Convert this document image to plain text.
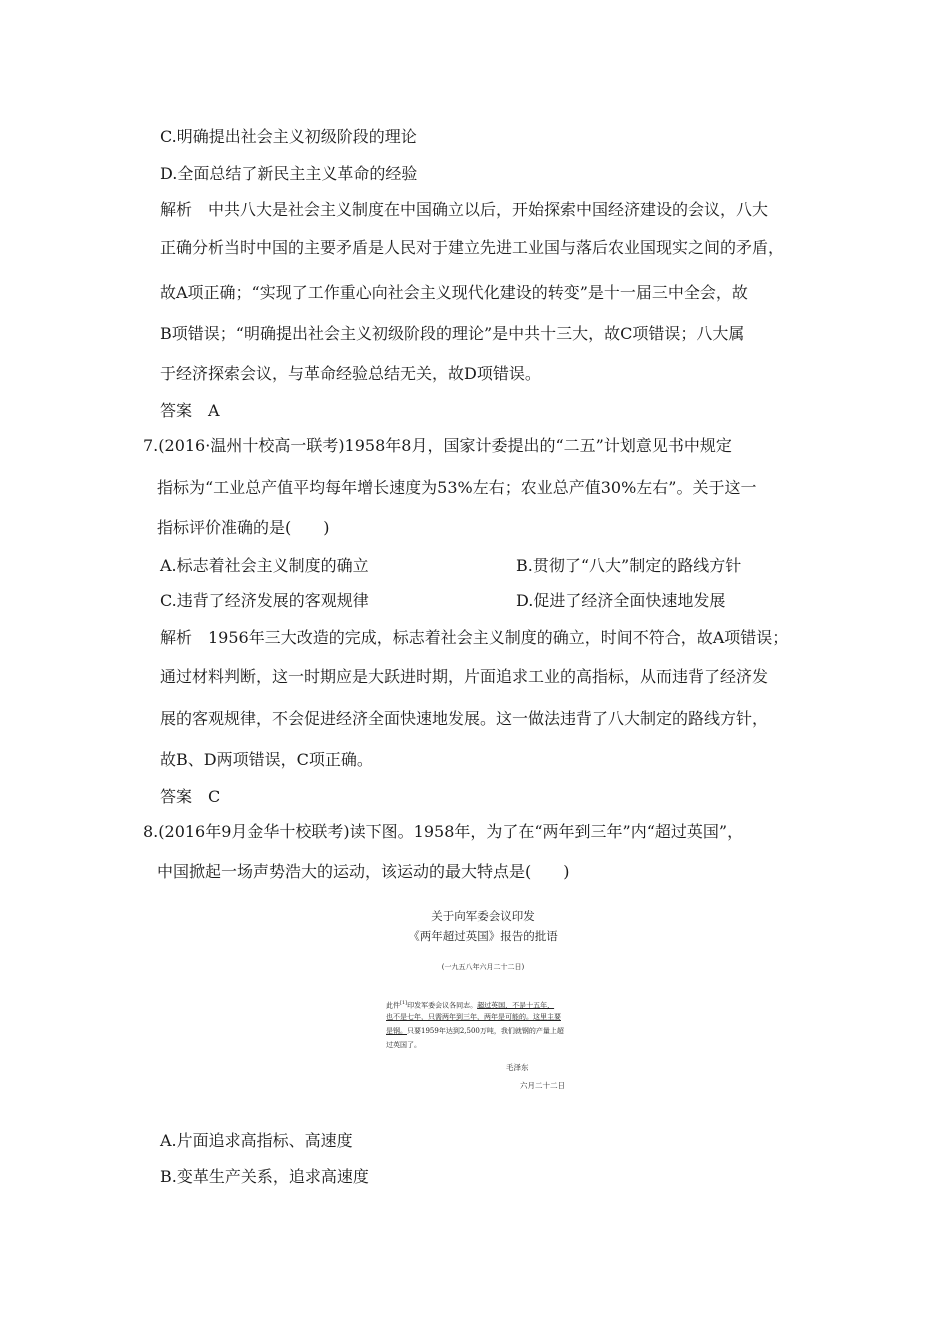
C.明确提出社会主义初级阶段的理论
D.全面总结了新民主主义革命的经验
解析　中共八大是社会主义制度在中国确立以后，开始探索中国经济建设的会议，八大
正确分析当时中国的主要矛盾是人民对于建立先进工业国与落后农业国现实之间的矛盾，
故A项正确；“实现了工作重心向社会主义现代化建设的转变”是十一届三中全会，故
B项错误；“明确提出社会主义初级阶段的理论”是中共十三大，故C项错误；八大属
于经济探索会议，与革命经验总结无关，故D项错误。
答案　A
7.(2016·温州十校高一联考)1958年8月，国家计委提出的“二五”计划意见书中规定
指标为“工业总产值平均每年增长速度为53%左右；农业总产值30%左右”。关于这一
指标评价准确的是(　　)
A.标志着社会主义制度的确立	B.贯彻了“八大”制定的路线方针
C.违背了经济发展的客观规律	D.促进了经济全面快速地发展
解析　1956年三大改造的完成，标志着社会主义制度的确立，时间不符合，故A项错误；
通过材料判断，这一时期应是大跃进时期，片面追求工业的高指标，从而违背了经济发
展的客观规律，不会促进经济全面快速地发展。这一做法违背了八大制定的路线方针，
故B、D两项错误，C项正确。
答案　C
8.(2016年9月金华十校联考)读下图。1958年，为了在“两年到三年”内“超过英国”，
中国掀起一场声势浩大的运动，该运动的最大特点是(　　)
关于向军委会议印发
《两年超过英国》报告的批语
(一九五八年六月二十二日)
此件[1]印发军委会议各同志。超过英国，不是十五年，
也不是七年，只需两年到三年，两年是可能的。这里主要
是钢。只要1959年达到2,500万吨，我们就钢的产量上超
过英国了。
毛泽东
六月二十二日
A.片面追求高指标、高速度
B.变革生产关系，追求高速度
